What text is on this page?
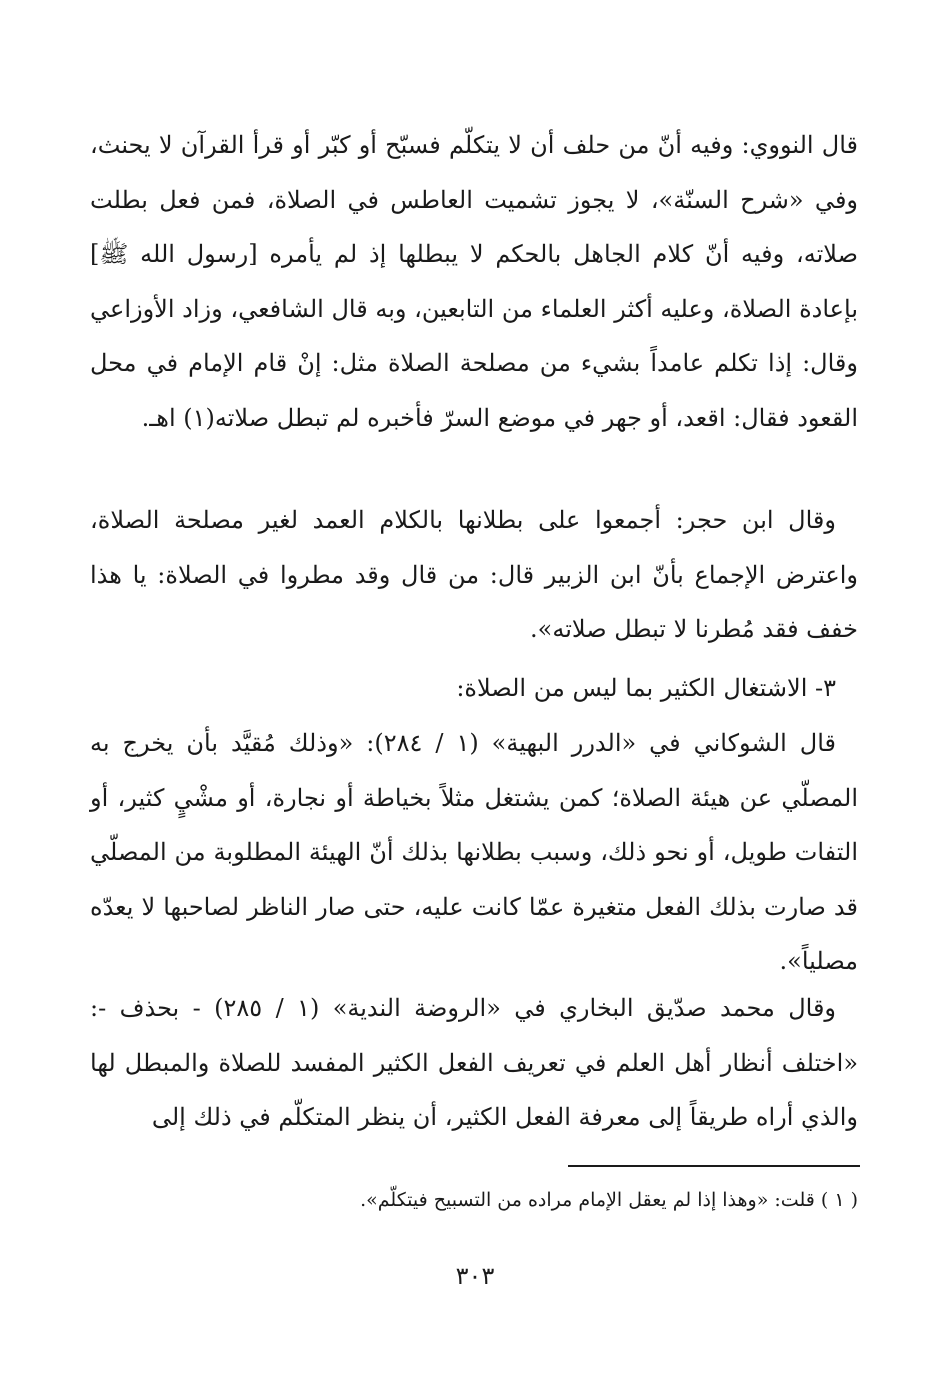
قال النووي: وفيه أنّ من حلف أن لا يتكلّم فسبّح أو كبّر أو قرأ القرآن لا يحنث، وفي «شرح السنّة»، لا يجوز تشميت العاطس في الصلاة، فمن فعل بطلت صلاته، وفيه أنّ كلام الجاهل بالحكم لا يبطلها إذ لم يأمره [رسول الله ﷺ] بإعادة الصلاة، وعليه أكثر العلماء من التابعين، وبه قال الشافعي، وزاد الأوزاعي وقال: إذا تكلم عامداً بشيء من مصلحة الصلاة مثل: إنْ قام الإمام في محل القعود فقال: اقعد، أو جهر في موضع السرّ فأخبره لم تبطل صلاته(١) اهـ.

وقال ابن حجر: أجمعوا على بطلانها بالكلام العمد لغير مصلحة الصلاة، واعترض الإجماع بأنّ ابن الزبير قال: من قال وقد مطروا في الصلاة: يا هذا خفف فقد مُطرنا لا تبطل صلاته».

٣- الاشتغال الكثير بما ليس من الصلاة:

قال الشوكاني في «الدرر البهية» (١ / ٢٨٤): «وذلك مُقيَّد بأن يخرج به المصلّي عن هيئة الصلاة؛ كمن يشتغل مثلاً بخياطة أو نجارة، أو مشْيٍ كثير، أو التفات طويل، أو نحو ذلك، وسبب بطلانها بذلك أنّ الهيئة المطلوبة من المصلّي قد صارت بذلك الفعل متغيرة عمّا كانت عليه، حتى صار الناظر لصاحبها لا يعدّه مصلياً».

وقال محمد صدّيق البخاري في «الروضة الندية» (١ / ٢٨٥) - بحذف -: «اختلف أنظار أهل العلم في تعريف الفعل الكثير المفسد للصلاة والمبطل لها والذي أراه طريقاً إلى معرفة الفعل الكثير، أن ينظر المتكلّم في ذلك إلى

( ١ ) قلت: «وهذا إذا لم يعقل الإمام مراده من التسبيح فيتكلّم».
٣٠٣
